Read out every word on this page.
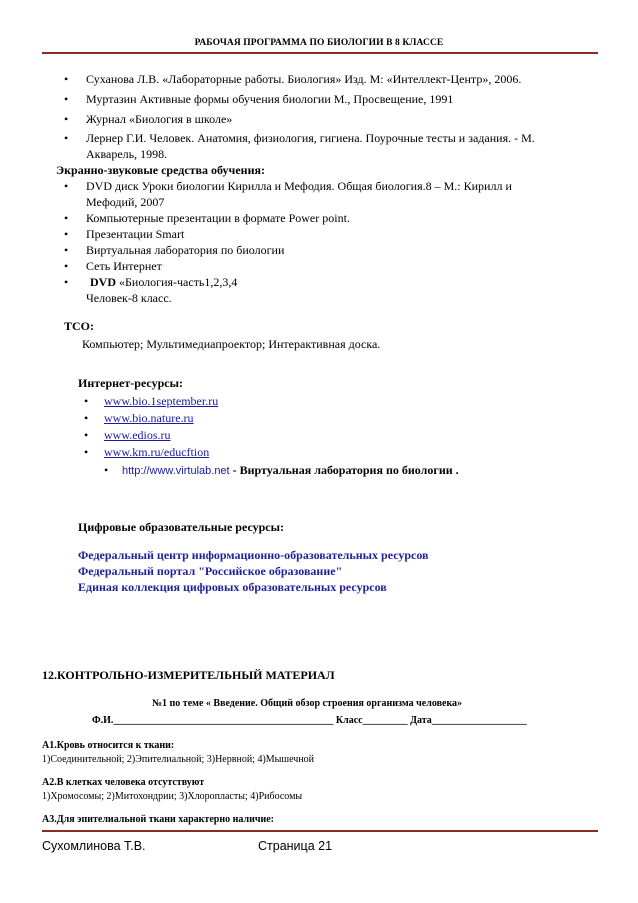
РАБОЧАЯ ПРОГРАММА ПО БИОЛОГИИ В 8 КЛАССЕ
• Суханова Л.В. «Лабораторные работы. Биология» Изд. М: «Интеллект-Центр», 2006.
• Муртазин Активные формы обучения биологии М., Просвещение, 1991
• Журнал «Биология в школе»
• Лернер Г.И. Человек. Анатомия, физиология, гигиена. Поурочные тесты и задания. - М.
Акварель, 1998.
Экранно-звуковые средства обучения:
• DVD диск Уроки биологии Кирилла и Мефодия. Общая биология.8 – М.: Кирилл и
Мефодий, 2007
• Компьютерные презентации в формате Power point.
• Презентации Smart
• Виртуальная лаборатория по биологии
• Сеть Интернет
•	DVD «Биология-часть1,2,3,4
Человек-8 класс.
ТСО:
Компьютер; Мультимедиапроектор; Интерактивная доска.
Интернет-ресурсы:
• www.bio.1september.ru
• www.bio.nature.ru
• www.edios.ru
• www.km.ru/educftion
• http://www.virtulab.net - Виртуальная лаборатория по биологии .
Цифровые образовательные ресурсы:
Федеральный центр информационно-образовательных ресурсов
Федеральный портал "Российское образование"
Единая коллекция цифровых образовательных ресурсов
12.КОНТРОЛЬНО-ИЗМЕРИТЕЛЬНЫЙ МАТЕРИАЛ
№1 по теме « Введение. Общий обзор строения организма человека»
Ф.И.____________________________________________ Класс_________ Дата___________________
А1.Кровь относится к ткани:
1)Соединительной; 2)Эпителиальной; 3)Нервной; 4)Мышечной
А2.В клетках человека отсутствуют
1)Хромосомы; 2)Митохондрии; 3)Хлоропласты; 4)Рибосомы
А3.Для эпителиальной ткани характерно наличие:
Сухомлинова Т.В.	Страница 21
